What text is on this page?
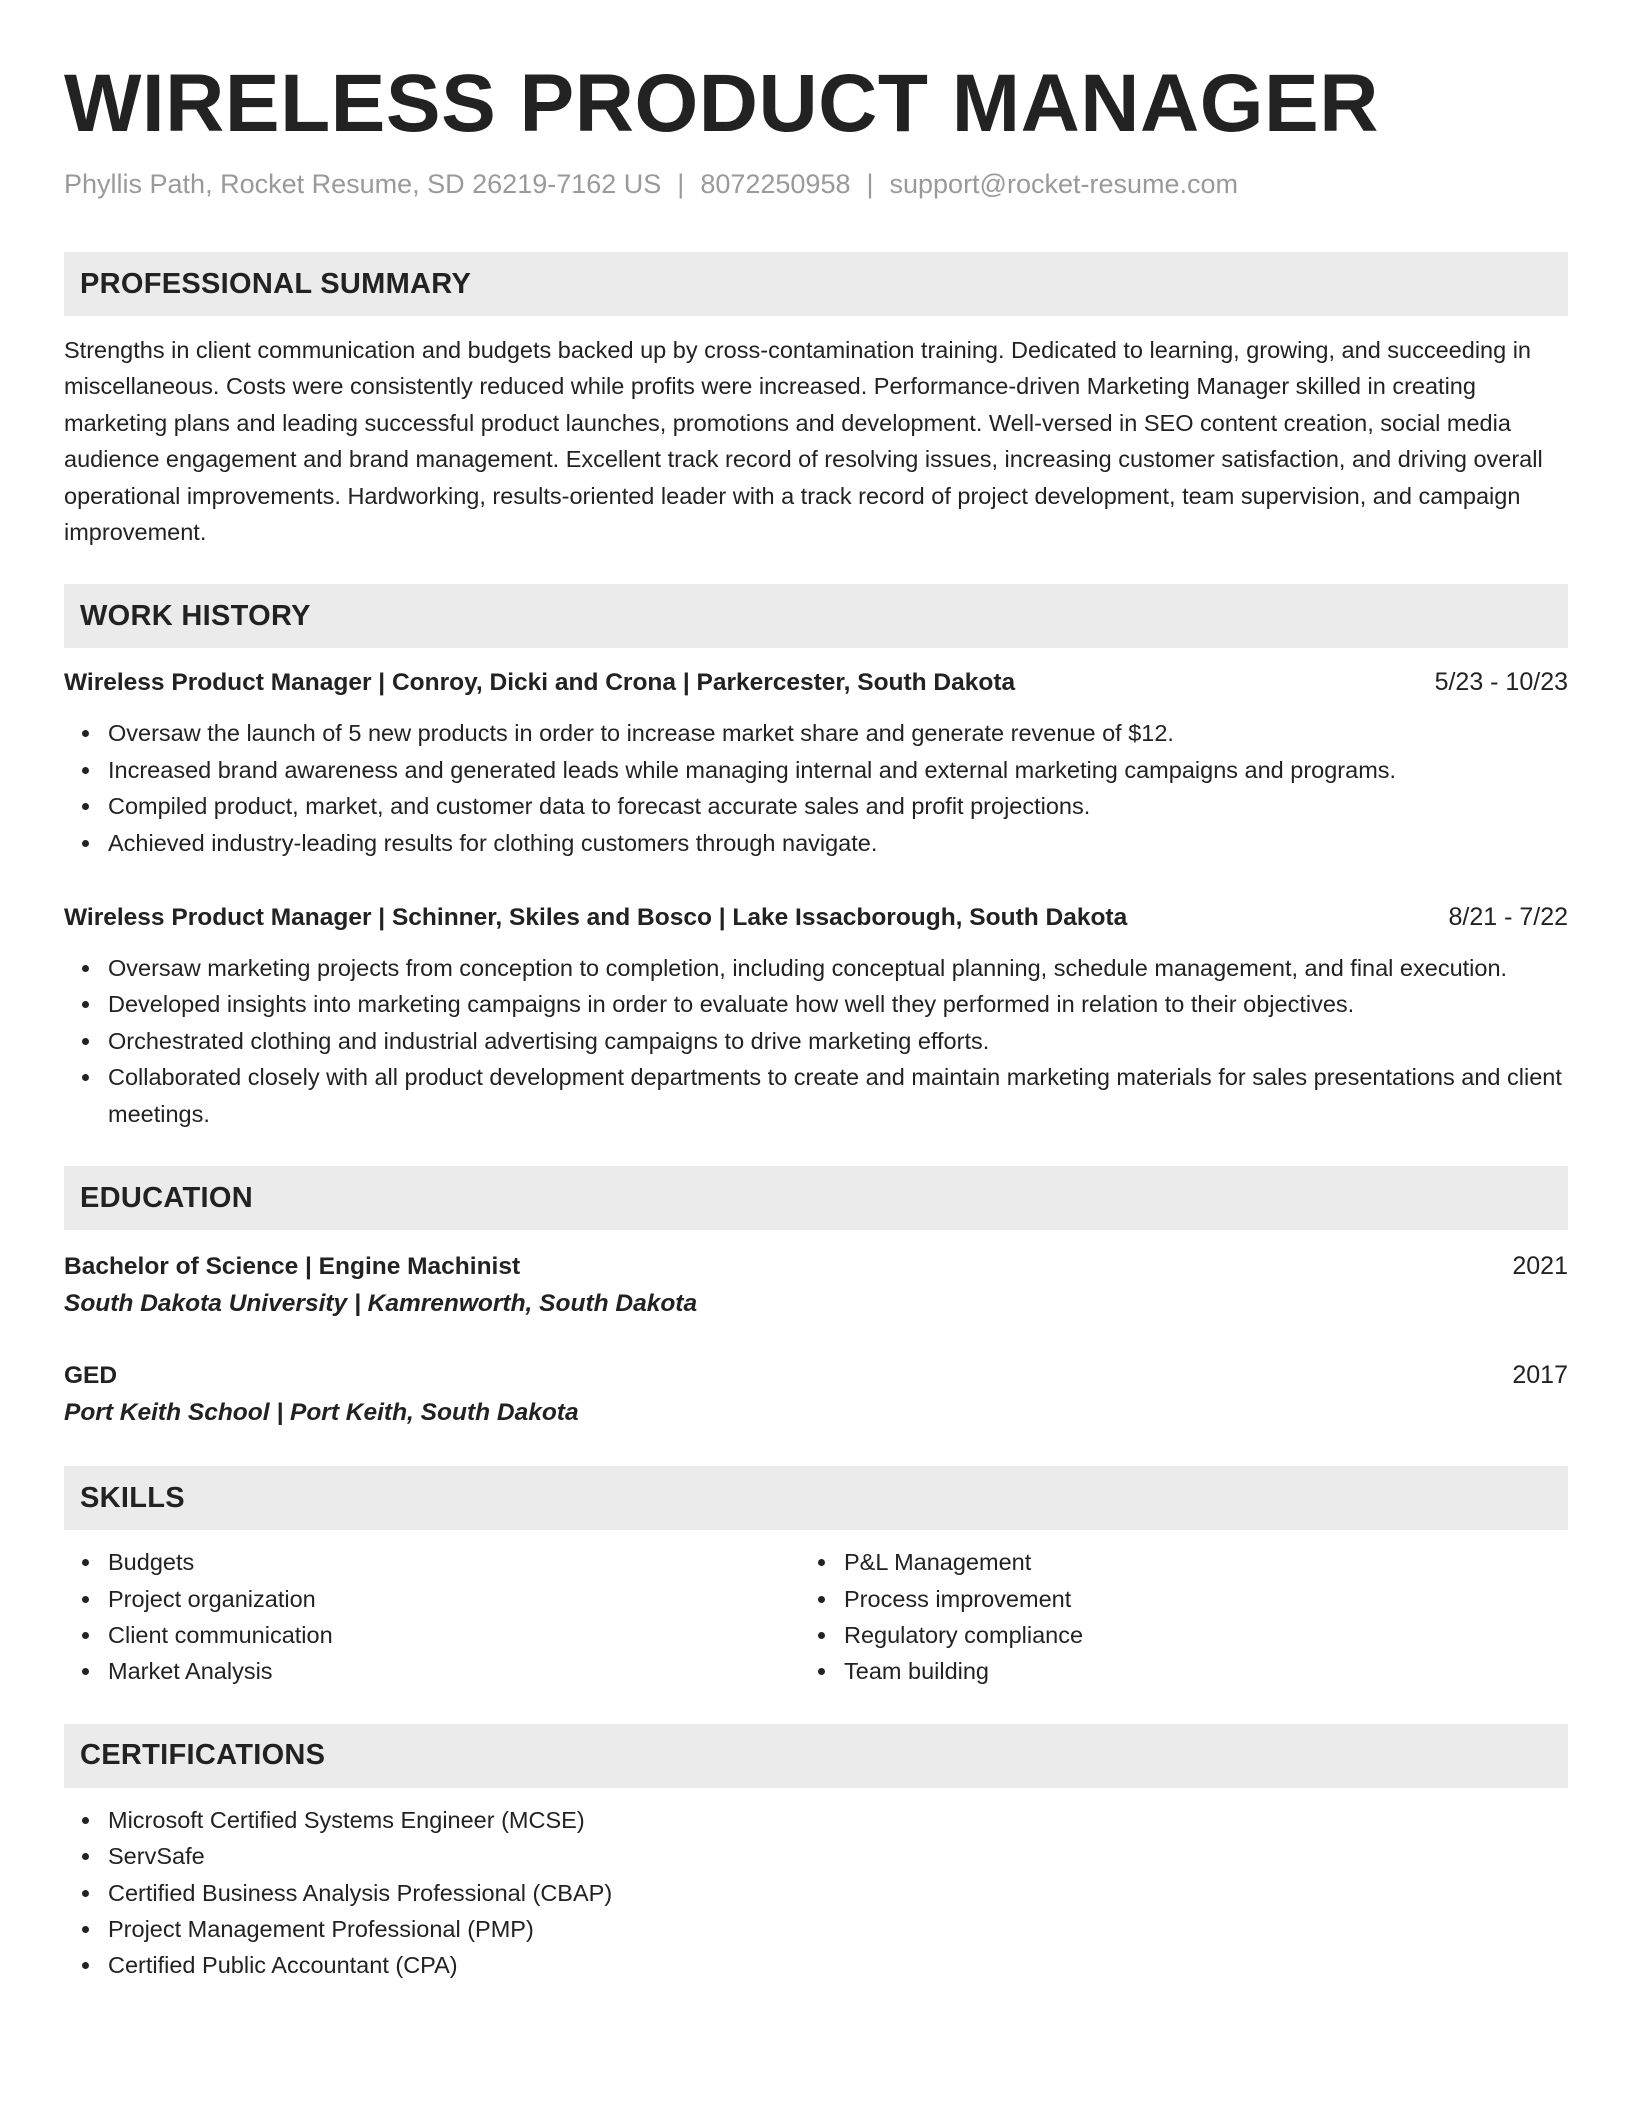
WIRELESS PRODUCT MANAGER
Phyllis Path, Rocket Resume, SD 26219-7162 US | 8072250958 | support@rocket-resume.com
PROFESSIONAL SUMMARY
Strengths in client communication and budgets backed up by cross-contamination training. Dedicated to learning, growing, and succeeding in miscellaneous. Costs were consistently reduced while profits were increased. Performance-driven Marketing Manager skilled in creating marketing plans and leading successful product launches, promotions and development. Well-versed in SEO content creation, social media audience engagement and brand management. Excellent track record of resolving issues, increasing customer satisfaction, and driving overall operational improvements. Hardworking, results-oriented leader with a track record of project development, team supervision, and campaign improvement.
WORK HISTORY
Wireless Product Manager | Conroy, Dicki and Crona | Parkercester, South Dakota	5/23 - 10/23
Oversaw the launch of 5 new products in order to increase market share and generate revenue of $12.
Increased brand awareness and generated leads while managing internal and external marketing campaigns and programs.
Compiled product, market, and customer data to forecast accurate sales and profit projections.
Achieved industry-leading results for clothing customers through navigate.
Wireless Product Manager | Schinner, Skiles and Bosco | Lake Issacborough, South Dakota	8/21 - 7/22
Oversaw marketing projects from conception to completion, including conceptual planning, schedule management, and final execution.
Developed insights into marketing campaigns in order to evaluate how well they performed in relation to their objectives.
Orchestrated clothing and industrial advertising campaigns to drive marketing efforts.
Collaborated closely with all product development departments to create and maintain marketing materials for sales presentations and client meetings.
EDUCATION
Bachelor of Science | Engine Machinist	2021
South Dakota University | Kamrenworth, South Dakota
GED	2017
Port Keith School | Port Keith, South Dakota
SKILLS
Budgets
Project organization
Client communication
Market Analysis
P&L Management
Process improvement
Regulatory compliance
Team building
CERTIFICATIONS
Microsoft Certified Systems Engineer (MCSE)
ServSafe
Certified Business Analysis Professional (CBAP)
Project Management Professional (PMP)
Certified Public Accountant (CPA)
